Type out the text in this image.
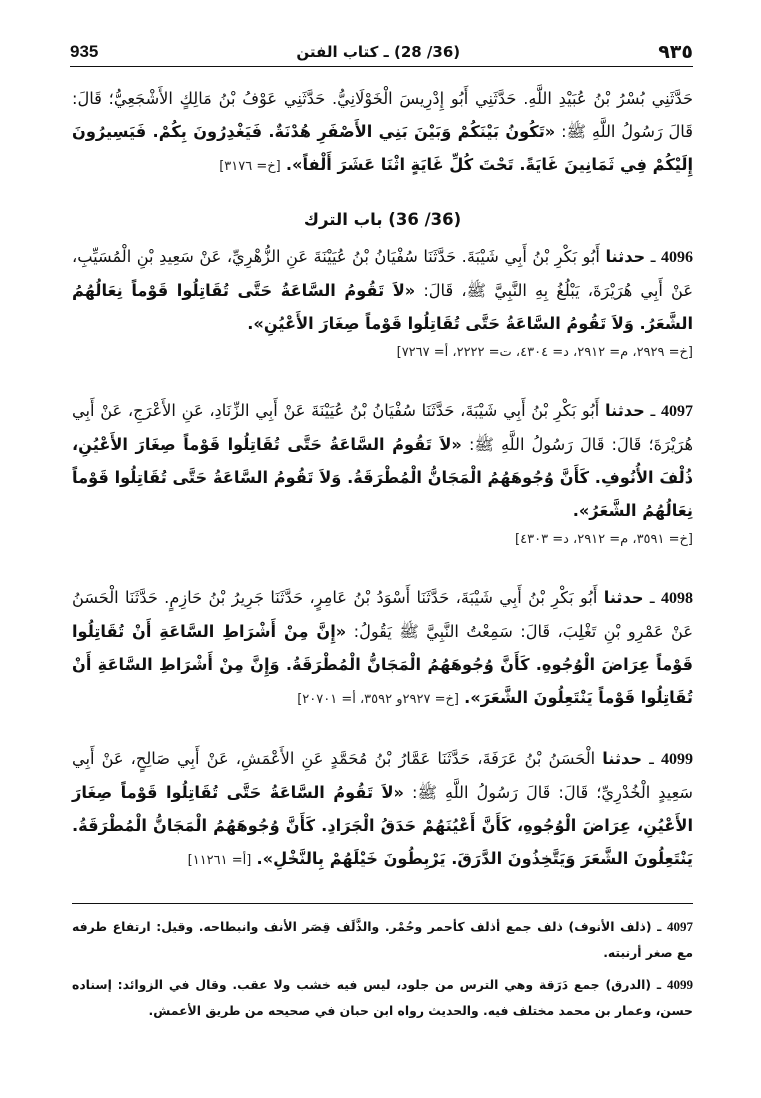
935	(36/ 28) ـ كتاب الفتن	٩٣٥

حَدَّثَنِي بُسْرُ بْنُ عُبَيْدِ اللَّهِ. حَدَّثَنِي أَبُو إِدْرِيسَ الْخَوْلَانِيُّ. حَدَّثَنِي عَوْفُ بْنُ مَالِكٍ الأَشْجَعِيُّ؛ قَالَ: قَالَ رَسُولُ اللَّهِ ﷺ: «تَكُونُ بَيْنَكُمْ وَبَيْنَ بَنِي الأَصْفَرِ هُدْنَةٌ. فَيَغْدِرُونَ بِكُمْ. فَيَسِيرُونَ إِلَيْكُمْ فِي ثَمَانِينَ غَايَةً. تَحْتَ كُلِّ غَايَةٍ اثْنَا عَشَرَ أَلْفاً». [خ= ٣١٧٦]

(36/ 36) باب الترك

4096 ـ حدثنا أَبُو بَكْرِ بْنُ أَبِي شَيْبَةَ. حَدَّثَنَا سُفْيَانُ بْنُ عُيَيْنَةَ عَنِ الزُّهْرِيِّ، عَنْ سَعِيدِ بْنِ الْمُسَيِّبِ، عَنْ أَبِي هُرَيْرَةَ، يَبْلُغُ بِهِ النَّبِيَّ ﷺ، قَالَ: «لاَ تَقُومُ السَّاعَةُ حَتَّى تُقَاتِلُوا قَوْماً نِعَالُهُمُ الشَّعَرُ. وَلاَ تَقُومُ السَّاعَةُ حَتَّى تُقَاتِلُوا قَوْماً صِغَارَ الأَعْيُنِ».
[خ= ٢٩٢٩، م= ٢٩١٢، د= ٤٣٠٤، ت= ٢٢٢٢، أ= ٧٢٦٧]

4097 ـ حدثنا أَبُو بَكْرِ بْنُ أَبِي شَيْبَةَ، حَدَّثَنَا سُفْيَانُ بْنُ عُيَيْنَةَ عَنْ أَبِي الزِّنَادِ، عَنِ الأَعْرَجِ، عَنْ أَبِي هُرَيْرَةَ؛ قَالَ: قَالَ رَسُولُ اللَّهِ ﷺ: «لاَ تَقُومُ السَّاعَةُ حَتَّى تُقَاتِلُوا قَوْماً صِغَارَ الأَعْيُنِ، ذُلْفَ الأُنُوفِ. كَأَنَّ وُجُوهَهُمُ الْمَجَانُّ الْمُطْرَقَةُ. وَلاَ تَقُومُ السَّاعَةُ حَتَّى تُقَاتِلُوا قَوْماً نِعَالُهُمُ الشَّعَرُ».
[خ= ٣٥٩١، م= ٢٩١٢، د= ٤٣٠٣]

4098 ـ حدثنا أَبُو بَكْرِ بْنُ أَبِي شَيْبَةَ، حَدَّثَنَا أَسْوَدُ بْنُ عَامِرٍ، حَدَّثَنَا جَرِيرُ بْنُ حَازِمٍ. حَدَّثَنَا الْحَسَنُ عَنْ عَمْرِو بْنِ تَغْلِبَ، قَالَ: سَمِعْتُ النَّبِيَّ ﷺ يَقُولُ: «إِنَّ مِنْ أَشْرَاطِ السَّاعَةِ أَنْ تُقَاتِلُوا قَوْماً عِرَاضَ الْوُجُوهِ. كَأَنَّ وُجُوهَهُمُ الْمَجَانُّ الْمُطْرَقَةُ. وَإِنَّ مِنْ أَشْرَاطِ السَّاعَةِ أَنْ تُقَاتِلُوا قَوْماً يَنْتَعِلُونَ الشَّعَرَ». [خ= ٢٩٢٧و ٣٥٩٢، أ= ٢٠٧٠١]

4099 ـ حدثنا الْحَسَنُ بْنُ عَرَفَةَ، حَدَّثَنَا عَمَّارُ بْنُ مُحَمَّدٍ عَنِ الأَعْمَشِ، عَنْ أَبِي صَالِحٍ، عَنْ أَبِي سَعِيدٍ الْخُدْرِيِّ؛ قَالَ: قَالَ رَسُولُ اللَّهِ ﷺ: «لاَ تَقُومُ السَّاعَةُ حَتَّى تُقَاتِلُوا قَوْماً صِغَارَ الأَعْيُنِ، عِرَاضَ الْوُجُوهِ، كَأَنَّ أَعْيُنَهُمْ حَدَقُ الْجَرَادِ. كَأَنَّ وُجُوهَهُمُ الْمَجَانُّ الْمُطْرَقَةُ. يَنْتَعِلُونَ الشَّعَرَ وَيَتَّخِذُونَ الدَّرَقَ. يَرْبِطُونَ خَيْلَهُمْ بِالنَّخْلِ». [أ= ١١٢٦١]

4097 ـ (ذلف الأنوف) ذلف جمع أذلف كأحمر وحُمْر. والذَّلَف قِصَر الأنف وانبطاحه. وقيل: ارتفاع طرفه مع صغر أرنبته.

4099 ـ (الدرق) جمع دَرَقة وهي الترس من جلود، ليس فيه خشب ولا عقب. وقال في الزوائد: إسناده حسن، وعمار بن محمد مختلف فيه. والحديث رواه ابن حبان في صحيحه من طريق الأعمش.
